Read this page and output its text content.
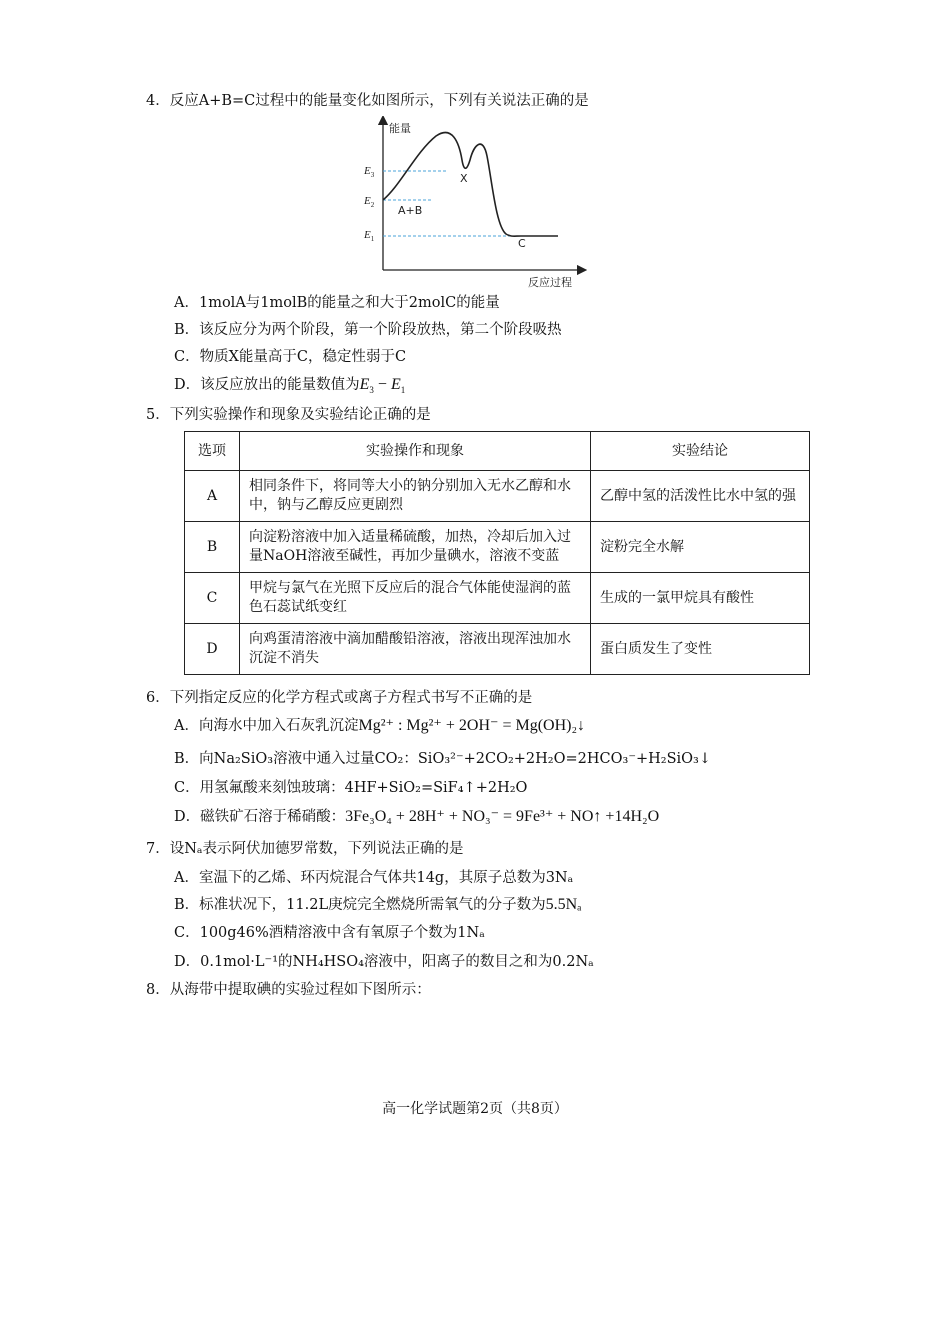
4．反应A+B=C过程中的能量变化如图所示，下列有关说法正确的是
能量
反应过程
$E_3$
$E_2$
$E_1$
A+B
X
C
A．1molA与1molB的能量之和大于2molC的能量
B．该反应分为两个阶段，第一个阶段放热，第二个阶段吸热
C．物质X能量高于C，稳定性弱于C
D．该反应放出的能量数值为$E_3 - E_1$
5．下列实验操作和现象及实验结论正确的是
选项	实验操作和现象	实验结论
A	相同条件下，将同等大小的钠分别加入无水乙醇和水中，钠与乙醇反应更剧烈	乙醇中氢的活泼性比水中氢的强
B	向淀粉溶液中加入适量稀硫酸，加热，冷却后加入过量NaOH溶液至碱性，再加少量碘水，溶液不变蓝	淀粉完全水解
C	甲烷与氯气在光照下反应后的混合气体能使湿润的蓝色石蕊试纸变红	生成的一氯甲烷具有酸性
D	向鸡蛋清溶液中滴加醋酸铅溶液，溶液出现浑浊加水沉淀不消失	蛋白质发生了变性
6．下列指定反应的化学方程式或离子方程式书写不正确的是
A．向海水中加入石灰乳沉淀Mg²⁺ : Mg²⁺ + 2OH⁻ = Mg(OH)₂↓
B．向Na₂SiO₃溶液中通入过量CO₂：SiO₃²⁻+2CO₂+2H₂O=2HCO₃⁻+H₂SiO₃↓
C．用氢氟酸来刻蚀玻璃：4HF+SiO₂=SiF₄↑+2H₂O
D．磁铁矿石溶于稀硝酸：3Fe₃O₄ + 28H⁺ + NO₃⁻ = 9Fe³⁺ + NO↑ +14H₂O
7．设Nₐ表示阿伏加德罗常数，下列说法正确的是
A．室温下的乙烯、环丙烷混合气体共14g，其原子总数为3Nₐ
B．标准状况下，11.2L庚烷完全燃烧所需氧气的分子数为5.5Nₐ
C．100g46%酒精溶液中含有氧原子个数为1Nₐ
D．0.1mol·L⁻¹的NH₄HSO₄溶液中，阳离子的数目之和为0.2Nₐ
8．从海带中提取碘的实验过程如下图所示：
高一化学试题第2页（共8页）
